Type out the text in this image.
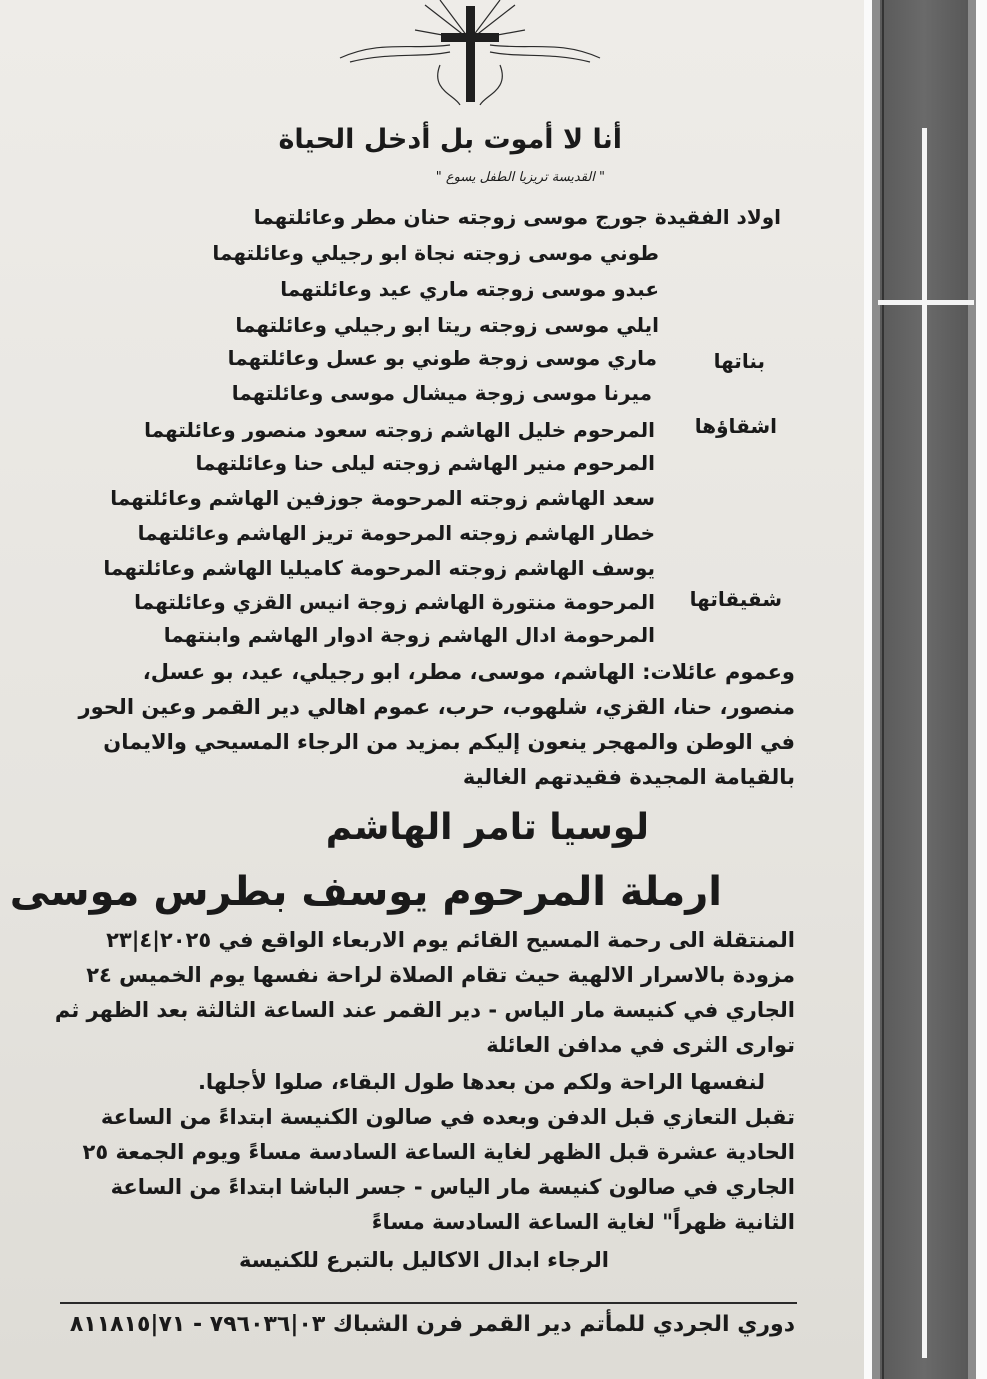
أنا لا أموت بل أدخل الحياة
" القديسة تريزيا الطفل يسوع "
اولاد الفقيدة جورج موسى زوجته حنان مطر وعائلتهما
طوني موسى زوجته نجاة ابو رجيلي وعائلتهما
عبدو موسى زوجته ماري عيد وعائلتهما
ايلي موسى زوجته ريتا ابو رجيلي وعائلتهما
بناتها
ماري موسى زوجة طوني بو عسل وعائلتهما
ميرنا موسى زوجة ميشال موسى وعائلتهما
اشقاؤها
المرحوم خليل الهاشم زوجته سعود منصور وعائلتهما
المرحوم منير الهاشم زوجته ليلى حنا وعائلتهما
سعد الهاشم زوجته المرحومة جوزفين الهاشم وعائلتهما
خطار الهاشم زوجته المرحومة تريز الهاشم وعائلتهما
يوسف الهاشم زوجته المرحومة كاميليا الهاشم وعائلتهما
شقيقاتها
المرحومة منتورة الهاشم زوجة انيس القزي وعائلتهما
المرحومة ادال الهاشم زوجة ادوار الهاشم وابنتهما
وعموم عائلات: الهاشم، موسى، مطر، ابو رجيلي، عيد، بو عسل،
منصور، حنا، القزي، شلهوب، حرب، عموم اهالي دير القمر وعين الحور
في الوطن والمهجر ينعون إليكم بمزيد من الرجاء المسيحي والايمان
بالقيامة المجيدة فقيدتهم الغالية
لوسيا تامر الهاشم
ارملة المرحوم يوسف بطرس موسى
المنتقلة الى رحمة المسيح القائم يوم الاربعاء الواقع في ٢٠٢٥|٤|٢٣
مزودة بالاسرار الالهية حيث تقام الصلاة لراحة نفسها يوم الخميس ٢٤
الجاري في كنيسة مار الياس - دير القمر عند الساعة الثالثة بعد الظهر ثم
توارى الثرى في مدافن العائلة
لنفسها الراحة ولكم من بعدها طول البقاء، صلوا لأجلها.
تقبل التعازي قبل الدفن وبعده في صالون الكنيسة ابتداءً من الساعة
الحادية عشرة قبل الظهر لغاية الساعة السادسة مساءً ويوم الجمعة ٢٥
الجاري في صالون كنيسة مار الياس - جسر الباشا ابتداءً من الساعة
الثانية ظهراً" لغاية الساعة السادسة مساءً
الرجاء ابدال الاكاليل بالتبرع للكنيسة
دوري الجردي للمأتم دير القمر فرن الشباك ٠٣|٧٩٦٠٣٦ - ٧١|٨١١٨١٥
